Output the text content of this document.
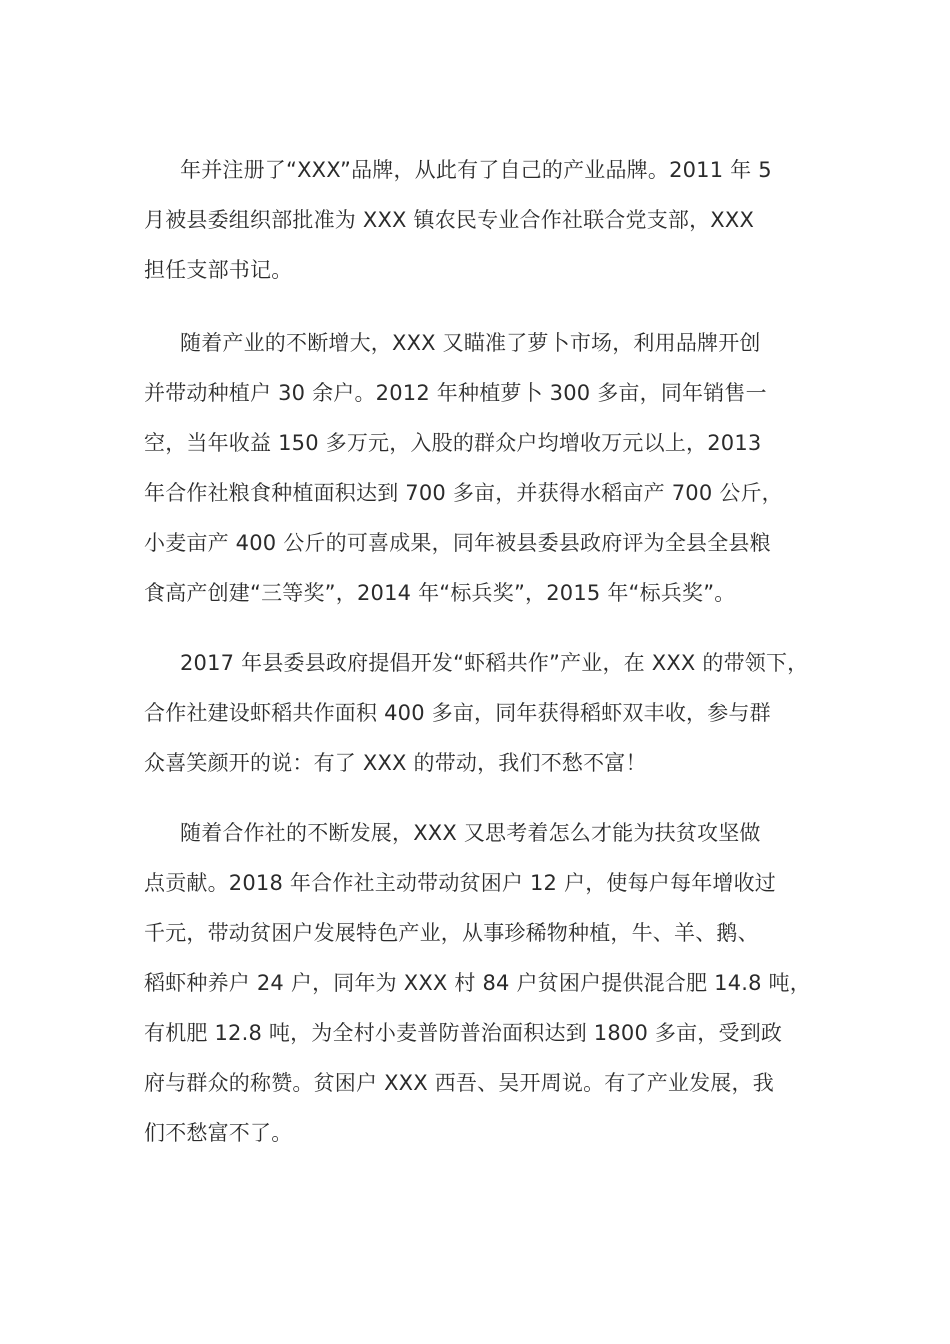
年并注册了“XXX”品牌，从此有了自己的产业品牌。2011 年 5
月被县委组织部批准为 XXX 镇农民专业合作社联合党支部，XXX
担任支部书记。
随着产业的不断增大，XXX 又瞄准了萝卜市场，利用品牌开创
并带动种植户 30 余户。2012 年种植萝卜 300 多亩，同年销售一
空，当年收益 150 多万元，入股的群众户均增收万元以上，2013
年合作社粮食种植面积达到 700 多亩，并获得水稻亩产 700 公斤，
小麦亩产 400 公斤的可喜成果，同年被县委县政府评为全县全县粮
食高产创建“三等奖”，2014 年“标兵奖”，2015 年“标兵奖”。
2017 年县委县政府提倡开发“虾稻共作”产业，在 XXX 的带领下，
合作社建设虾稻共作面积 400 多亩，同年获得稻虾双丰收，参与群
众喜笑颜开的说：有了 XXX 的带动，我们不愁不富！
随着合作社的不断发展，XXX 又思考着怎么才能为扶贫攻坚做
点贡献。2018 年合作社主动带动贫困户 12 户，使每户每年增收过
千元，带动贫困户发展特色产业，从事珍稀物种植，牛、羊、鹅、
稻虾种养户 24 户，同年为 XXX 村 84 户贫困户提供混合肥 14.8 吨，
有机肥 12.8 吨，为全村小麦普防普治面积达到 1800 多亩，受到政
府与群众的称赞。贫困户 XXX 西吾、吴开周说。有了产业发展，我
们不愁富不了。
